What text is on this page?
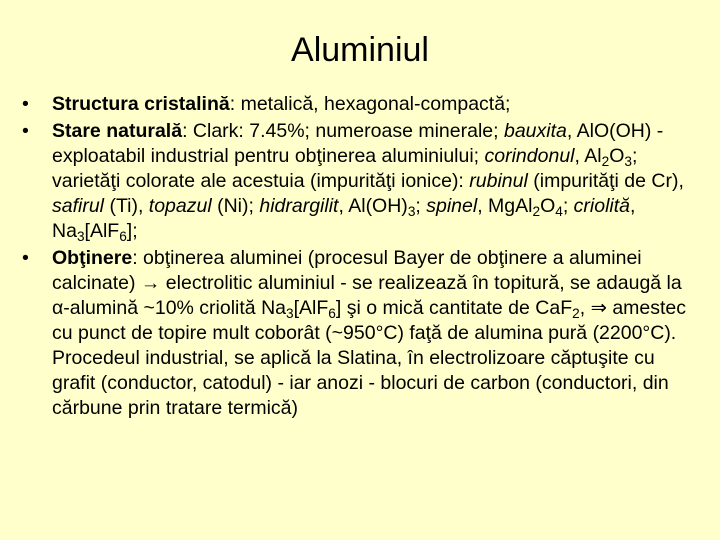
Aluminiul
•	Structura cristalină: metalică, hexagonal-compactă;
•	Stare naturală: Clark: 7.45%; numeroase minerale; bauxita, AlO(OH) - exploatabil industrial pentru obţinerea aluminiului; corindonul, $Al_2O_3$; varietăţi colorate ale acestuia (impurităţi ionice): rubinul (impurităţi de Cr), safirul (Ti), topazul (Ni); hidrargilit, $Al(OH)_3$; spinel, $MgAl_2O_4$; criolită, $Na_3[AlF_6]$;
•	Obţinere: obţinerea aluminei (procesul Bayer de obţinere a aluminei calcinate) → electrolitic aluminiul - se realizează în topitură, se adaugă la α-alumină ~10% criolită $Na_3[AlF_6]$ şi o mică cantitate de CaF$_2$, ⇒ amestec cu punct de topire mult coborât (~950°C) faţă de alumina pură (2200°C). Procedeul industrial, se aplică la Slatina, în electrolizoare căptuşite cu grafit (conductor, catodul) - iar anozi - blocuri de carbon (conductori, din cărbune prin tratare termică)
